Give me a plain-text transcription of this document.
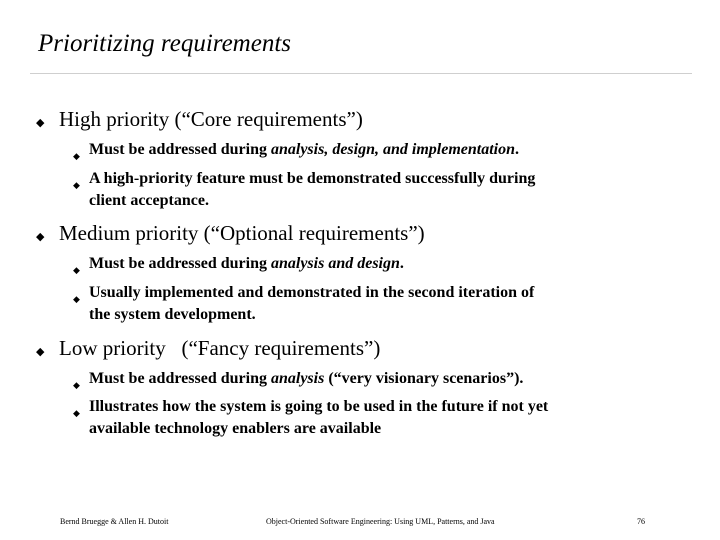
Prioritizing requirements
◆ High priority (“Core requirements”)
◆ Must be addressed during analysis, design, and implementation.
◆ A high-priority feature must be demonstrated successfully during
client acceptance.
◆ Medium priority (“Optional requirements”)
◆ Must be addressed during analysis and design.
◆ Usually implemented and demonstrated in the second iteration of
the system development.
◆ Low priority   (“Fancy requirements”)
◆ Must be addressed during analysis (“very visionary scenarios”).
◆ Illustrates how the system is going to be used in the future if not yet
available technology enablers are available
Bernd Bruegge & Allen H. Dutoit	Object-Oriented Software Engineering: Using UML, Patterns, and Java	76
